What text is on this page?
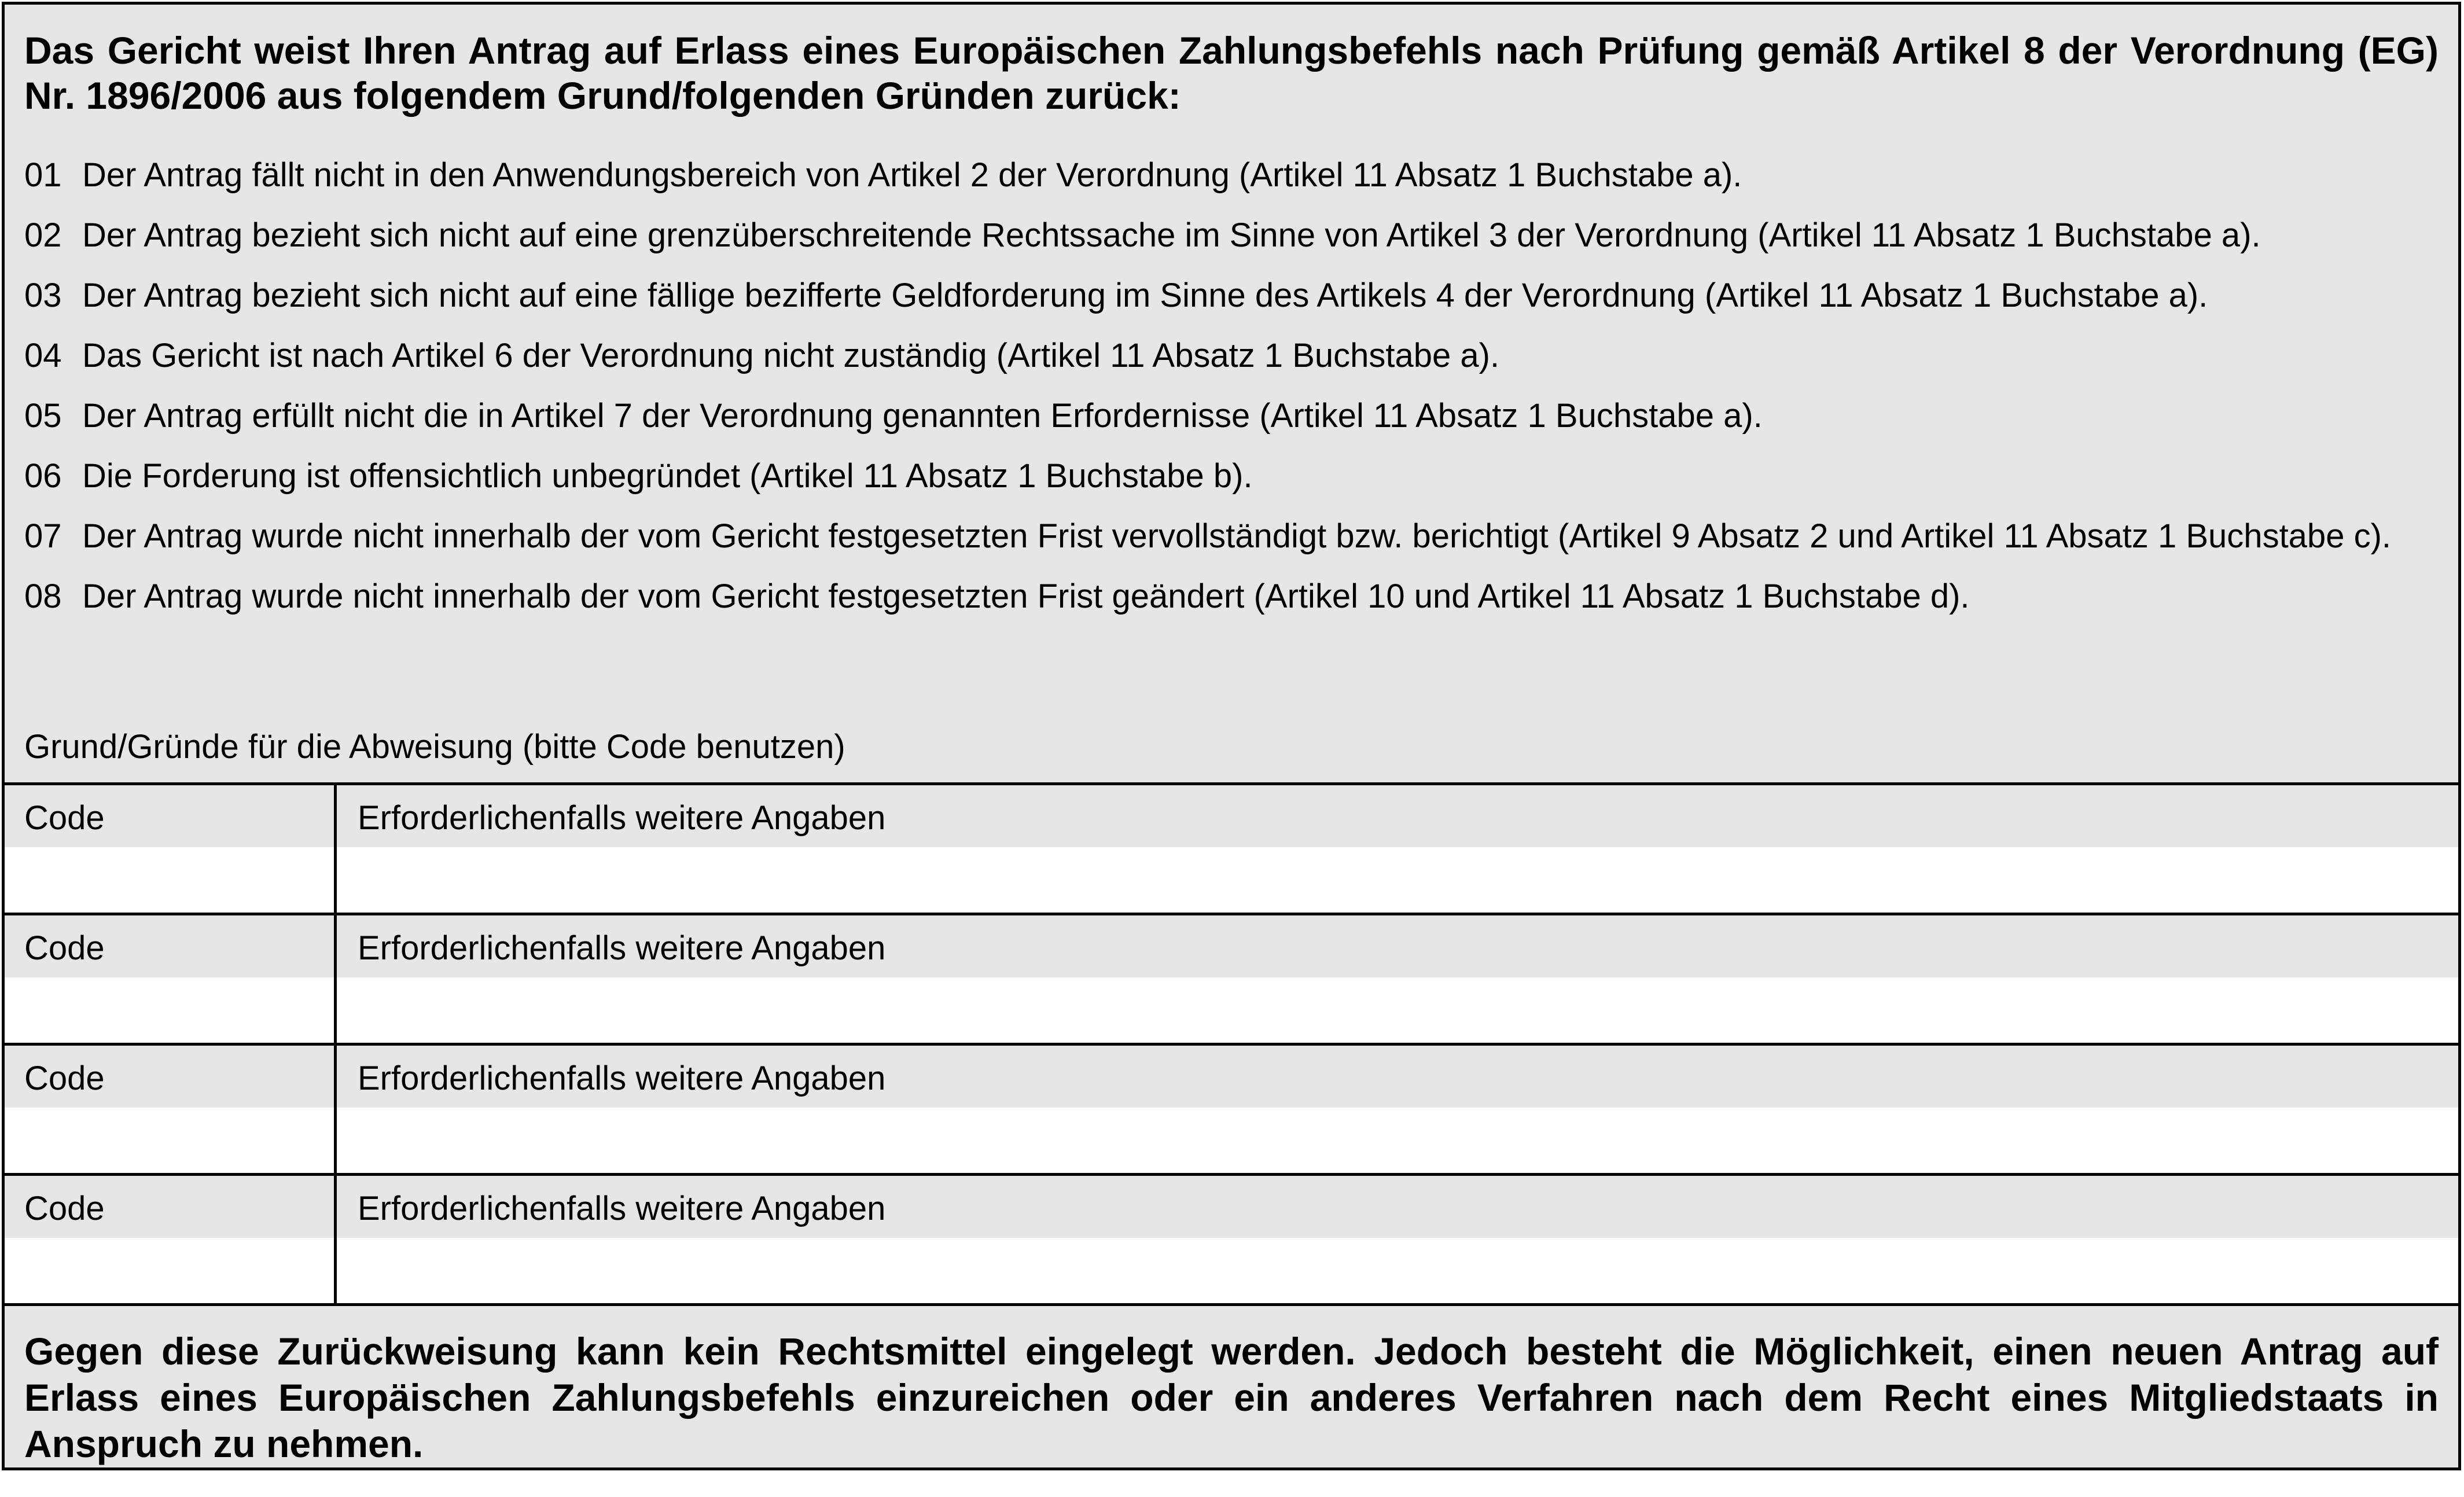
Das Gericht weist Ihren Antrag auf Erlass eines Europäischen Zahlungsbefehls nach Prüfung gemäß Artikel 8 der Verordnung (EG) Nr. 1896/2006 aus folgendem Grund/folgenden Gründen zurück:

01 Der Antrag fällt nicht in den Anwendungsbereich von Artikel 2 der Verordnung (Artikel 11 Absatz 1 Buchstabe a).
02 Der Antrag bezieht sich nicht auf eine grenzüberschreitende Rechtssache im Sinne von Artikel 3 der Verordnung (Artikel 11 Absatz 1 Buchstabe a).
03 Der Antrag bezieht sich nicht auf eine fällige bezifferte Geldforderung im Sinne des Artikels 4 der Verordnung (Artikel 11 Absatz 1 Buchstabe a).
04 Das Gericht ist nach Artikel 6 der Verordnung nicht zuständig (Artikel 11 Absatz 1 Buchstabe a).
05 Der Antrag erfüllt nicht die in Artikel 7 der Verordnung genannten Erfordernisse (Artikel 11 Absatz 1 Buchstabe a).
06 Die Forderung ist offensichtlich unbegründet (Artikel 11 Absatz 1 Buchstabe b).
07 Der Antrag wurde nicht innerhalb der vom Gericht festgesetzten Frist vervollständigt bzw. berichtigt (Artikel 9 Absatz 2 und Artikel 11 Absatz 1 Buchstabe c).
08 Der Antrag wurde nicht innerhalb der vom Gericht festgesetzten Frist geändert (Artikel 10 und Artikel 11 Absatz 1 Buchstabe d).
Grund/Gründe für die Abweisung (bitte Code benutzen)
Code	Erforderlichenfalls weitere Angaben
Code	Erforderlichenfalls weitere Angaben
Code	Erforderlichenfalls weitere Angaben
Code	Erforderlichenfalls weitere Angaben
Gegen diese Zurückweisung kann kein Rechtsmittel eingelegt werden. Jedoch besteht die Möglichkeit, einen neuen Antrag auf Erlass eines Europäischen Zahlungsbefehls einzureichen oder ein anderes Verfahren nach dem Recht eines Mitgliedstaats in Anspruch zu nehmen.
